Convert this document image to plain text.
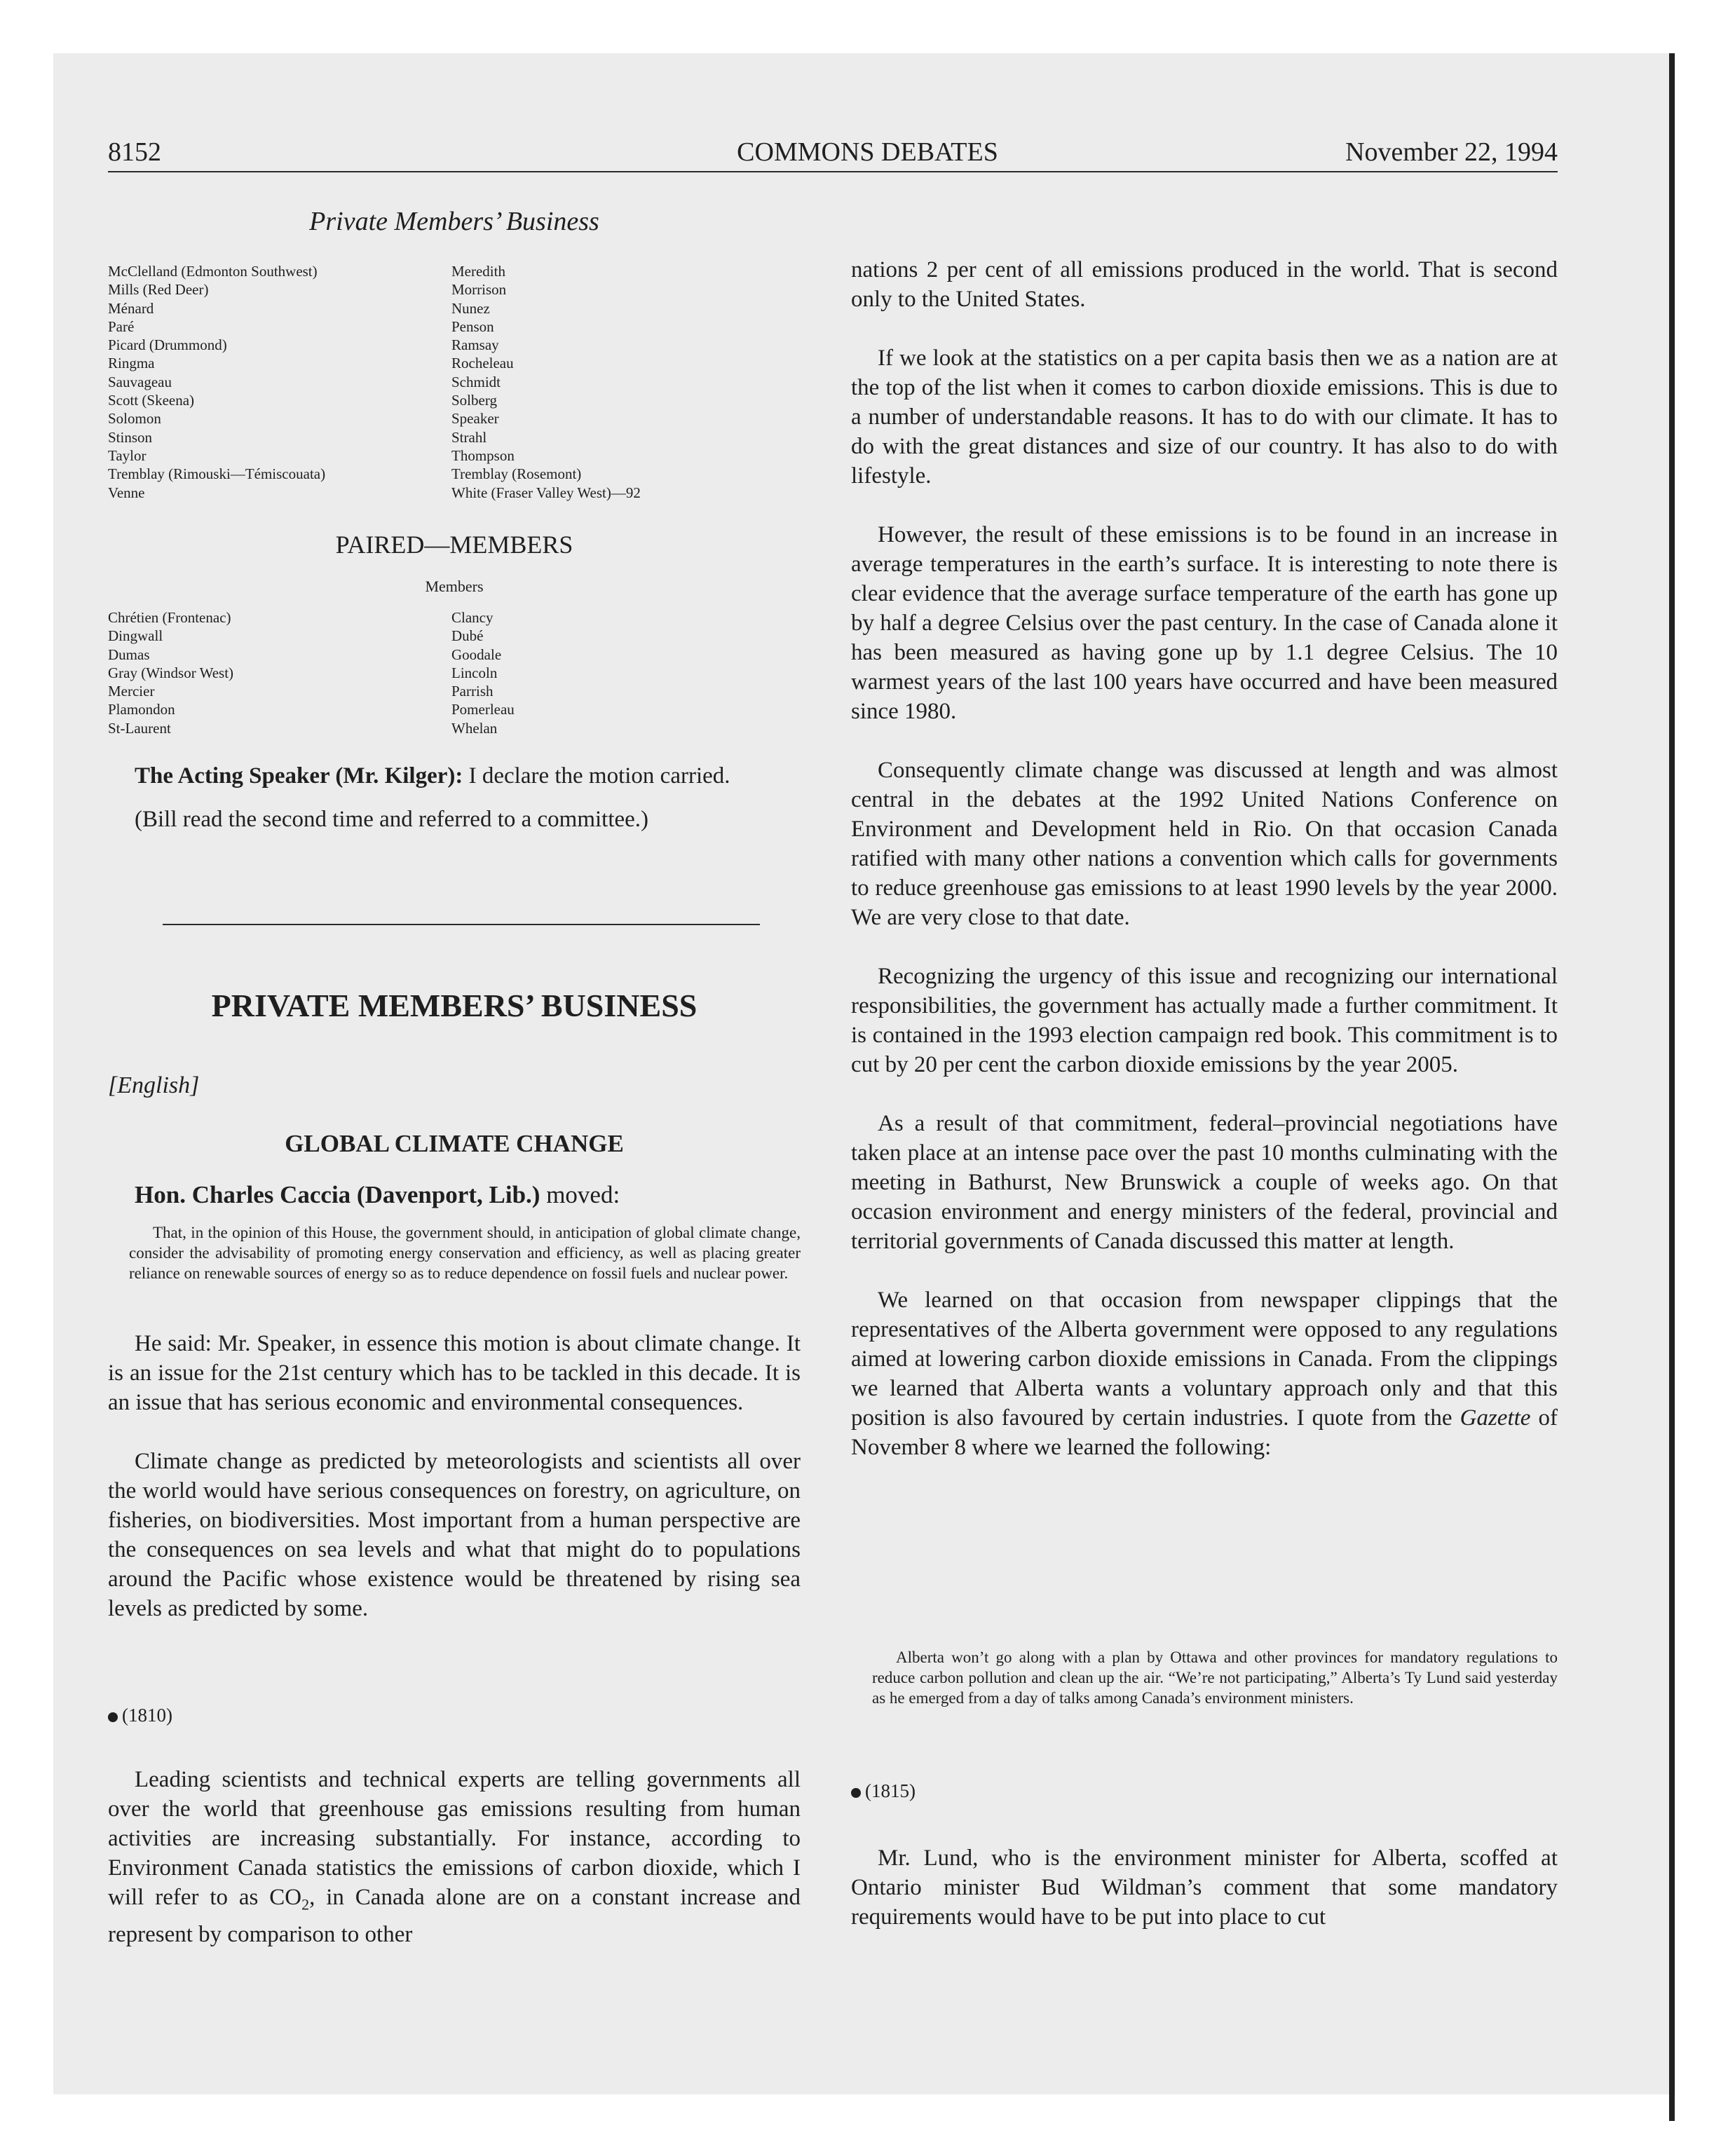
8152	COMMONS DEBATES	November 22, 1994
Private Members’ Business
McClelland (Edmonton Southwest)
Mills (Red Deer)
Ménard
Paré
Picard (Drummond)
Ringma
Sauvageau
Scott (Skeena)
Solomon
Stinson
Taylor
Tremblay (Rimouski—Témiscouata)
Venne
Meredith
Morrison
Nunez
Penson
Ramsay
Rocheleau
Schmidt
Solberg
Speaker
Strahl
Thompson
Tremblay (Rosemont)
White (Fraser Valley West)—92
PAIRED—MEMBERS
Members
Chrétien (Frontenac)
Dingwall
Dumas
Gray (Windsor West)
Mercier
Plamondon
St-Laurent
Clancy
Dubé
Goodale
Lincoln
Parrish
Pomerleau
Whelan

The Acting Speaker (Mr. Kilger): I declare the motion carried.

(Bill read the second time and referred to a committee.)

PRIVATE MEMBERS’ BUSINESS
[English]
GLOBAL CLIMATE CHANGE

Hon. Charles Caccia (Davenport, Lib.) moved:

That, in the opinion of this House, the government should, in anticipation of global climate change, consider the advisability of promoting energy conservation and efficiency, as well as placing greater reliance on renewable sources of energy so as to reduce dependence on fossil fuels and nuclear power.

He said: Mr. Speaker, in essence this motion is about climate change. It is an issue for the 21st century which has to be tackled in this decade. It is an issue that has serious economic and environmental consequences.

Climate change as predicted by meteorologists and scientists all over the world would have serious consequences on forestry, on agriculture, on fisheries, on biodiversities. Most important from a human perspective are the consequences on sea levels and what that might do to populations around the Pacific whose existence would be threatened by rising sea levels as predicted by some.

(1810)

Leading scientists and technical experts are telling governments all over the world that greenhouse gas emissions resulting from human activities are increasing substantially. For instance, according to Environment Canada statistics the emissions of carbon dioxide, which I will refer to as $CO_2$, in Canada alone are on a constant increase and represent by comparison to other

nations 2 per cent of all emissions produced in the world. That is second only to the United States.

If we look at the statistics on a per capita basis then we as a nation are at the top of the list when it comes to carbon dioxide emissions. This is due to a number of understandable reasons. It has to do with our climate. It has to do with the great distances and size of our country. It has also to do with lifestyle.

However, the result of these emissions is to be found in an increase in average temperatures in the earth’s surface. It is interesting to note there is clear evidence that the average surface temperature of the earth has gone up by half a degree Celsius over the past century. In the case of Canada alone it has been measured as having gone up by 1.1 degree Celsius. The 10 warmest years of the last 100 years have occurred and have been measured since 1980.

Consequently climate change was discussed at length and was almost central in the debates at the 1992 United Nations Conference on Environment and Development held in Rio. On that occasion Canada ratified with many other nations a convention which calls for governments to reduce greenhouse gas emissions to at least 1990 levels by the year 2000. We are very close to that date.

Recognizing the urgency of this issue and recognizing our international responsibilities, the government has actually made a further commitment. It is contained in the 1993 election campaign red book. This commitment is to cut by 20 per cent the carbon dioxide emissions by the year 2005.

As a result of that commitment, federal–provincial negotiations have taken place at an intense pace over the past 10 months culminating with the meeting in Bathurst, New Brunswick a couple of weeks ago. On that occasion environment and energy ministers of the federal, provincial and territorial governments of Canada discussed this matter at length.

We learned on that occasion from newspaper clippings that the representatives of the Alberta government were opposed to any regulations aimed at lowering carbon dioxide emissions in Canada. From the clippings we learned that Alberta wants a voluntary approach only and that this position is also favoured by certain industries. I quote from the Gazette of November 8 where we learned the following:

Alberta won’t go along with a plan by Ottawa and other provinces for mandatory regulations to reduce carbon pollution and clean up the air. “We’re not participating,” Alberta’s Ty Lund said yesterday as he emerged from a day of talks among Canada’s environment ministers.

(1815)

Mr. Lund, who is the environment minister for Alberta, scoffed at Ontario minister Bud Wildman’s comment that some mandatory requirements would have to be put into place to cut
